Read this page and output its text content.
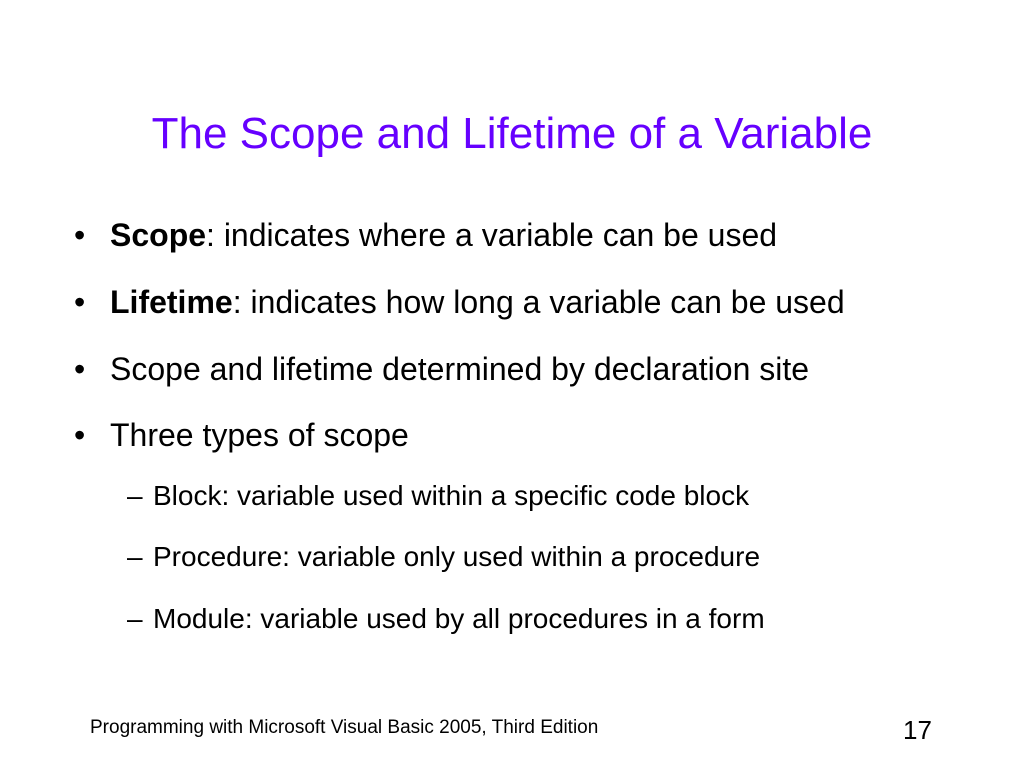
The Scope and Lifetime of a Variable
• Scope: indicates where a variable can be used
• Lifetime: indicates how long a variable can be used
• Scope and lifetime determined by declaration site
• Three types of scope
– Block: variable used within a specific code block
– Procedure: variable only used within a procedure
– Module: variable used by all procedures in a form
Programming with Microsoft Visual Basic 2005, Third Edition	17
